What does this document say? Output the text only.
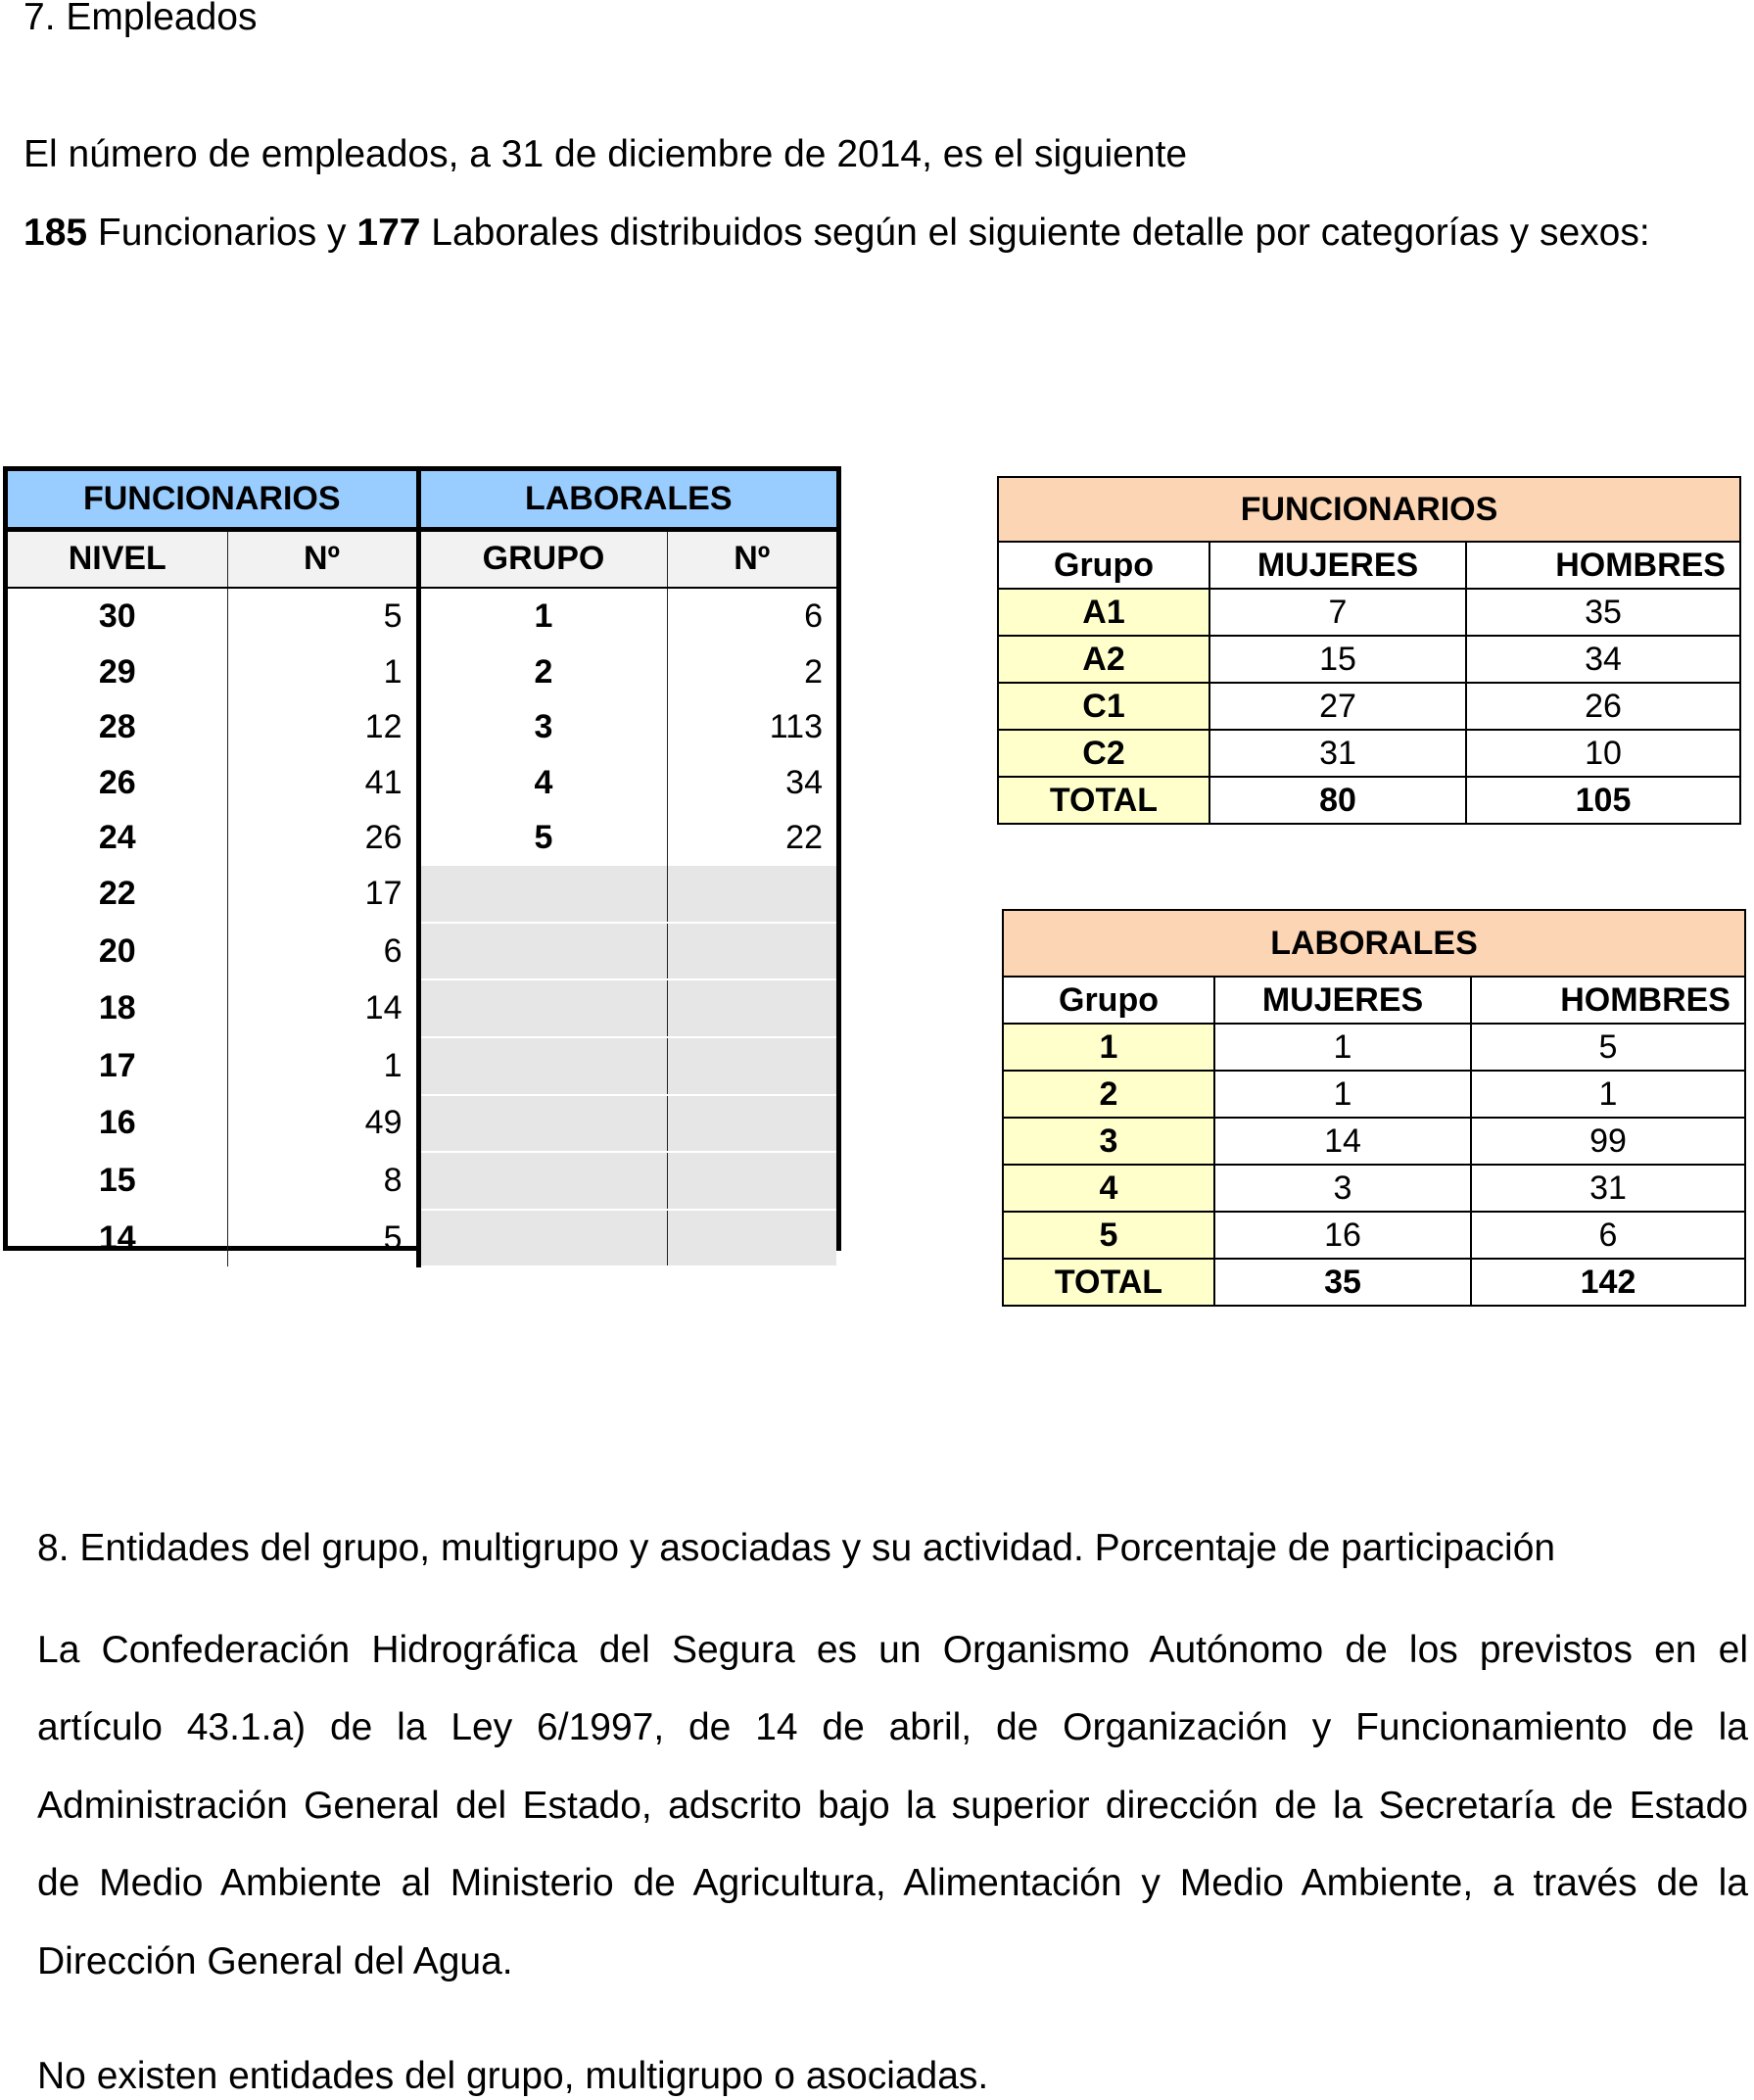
7. Empleados
El número de empleados, a 31 de diciembre de 2014, es el siguiente
185 Funcionarios y 177 Laborales distribuidos según el siguiente detalle por categorías y sexos:
FUNCIONARIOS		LABORALES	
NIVEL	Nº	GRUPO	Nº
30	5	1	6
29	1	2	2
28	12	3	113
26	41	4	34
24	26	5	22
22	17		
20	6		
18	14		
17	1		
16	49		
15	8		
14	5		
FUNCIONARIOS		
Grupo	MUJERES	HOMBRES
A1	7	35
A2	15	34
C1	27	26
C2	31	10
TOTAL	80	105
LABORALES		
Grupo	MUJERES	HOMBRES
1	1	5
2	1	1
3	14	99
4	3	31
5	16	6
TOTAL	35	142
8. Entidades del grupo, multigrupo y asociadas y su actividad. Porcentaje de participación
La Confederación Hidrográfica del Segura es un Organismo Autónomo de los previstos en el
artículo 43.1.a) de la Ley 6/1997, de 14 de abril, de Organización y Funcionamiento de la
Administración General del Estado, adscrito bajo la superior dirección de la Secretaría de Estado
de Medio Ambiente al Ministerio de Agricultura, Alimentación y Medio Ambiente, a través de la
Dirección General del Agua.
No existen entidades del grupo, multigrupo o asociadas.
